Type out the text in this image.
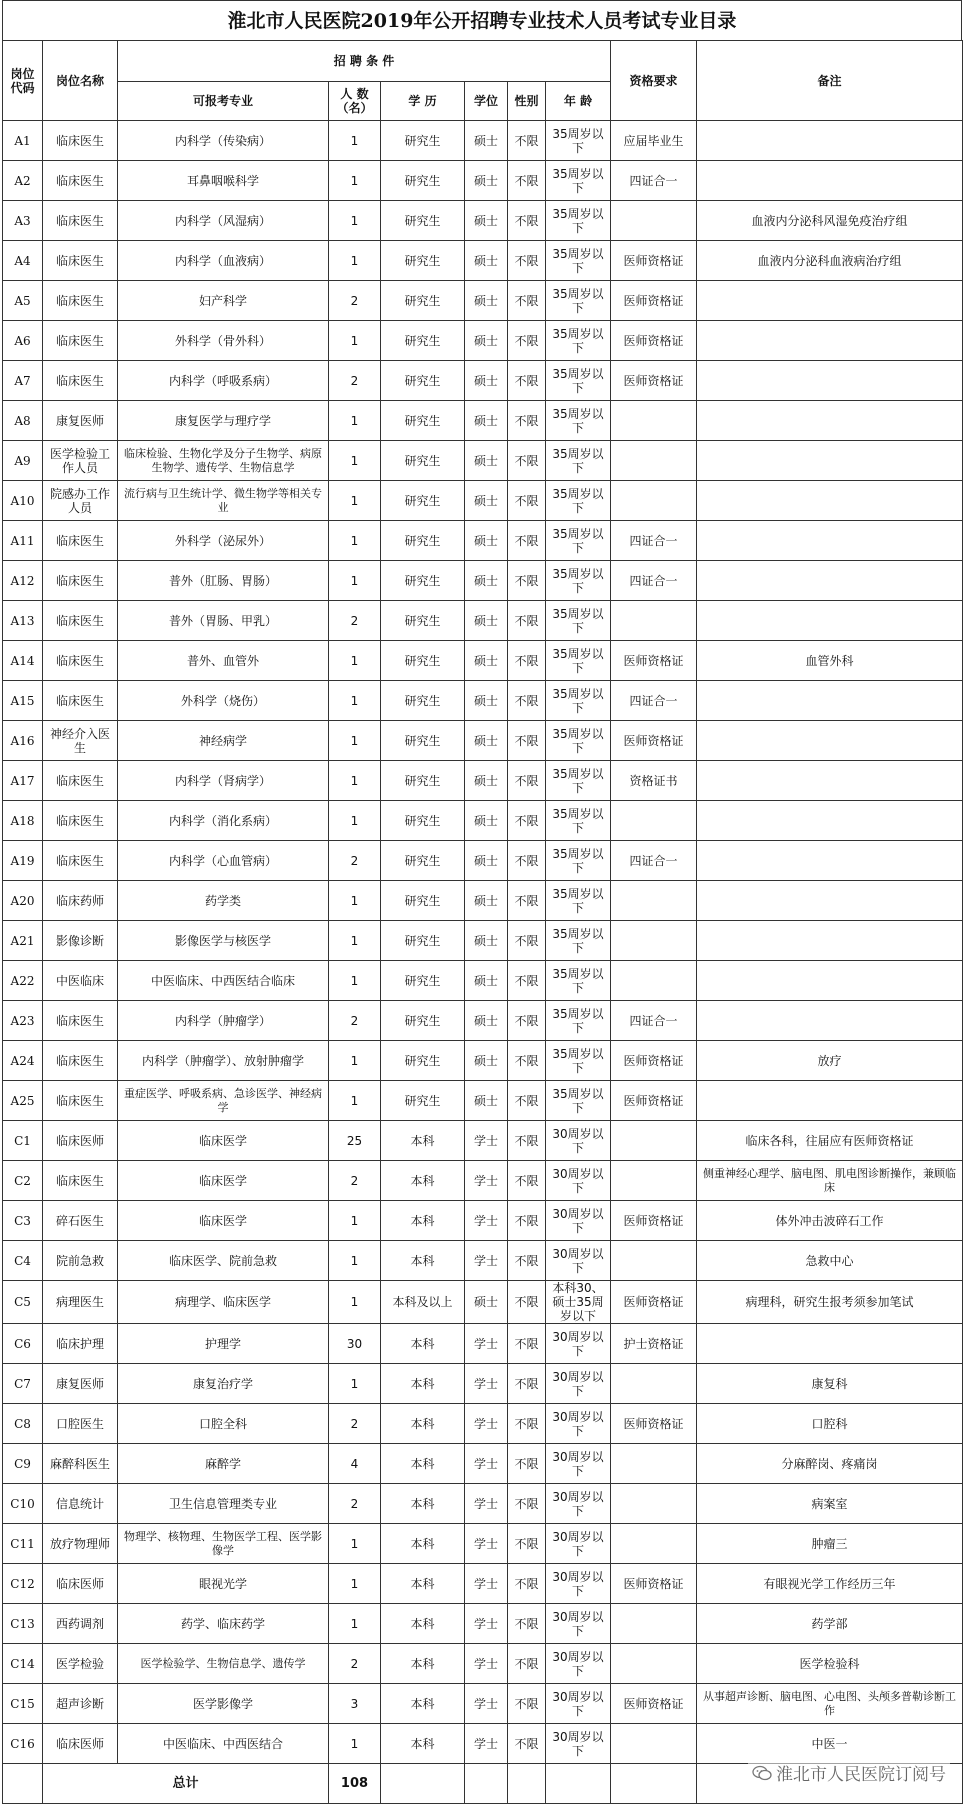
淮北市人民医院2019年公开招聘专业技术人员考试专业目录
岗位代码	岗位名称	招 聘 条 件						资格要求	备注
		可报考专业	人 数（名）	学 历	学位	性别	年 龄		
A1	临床医生	内科学（传染病）	1	研究生	硕士	不限	35周岁以下	应届毕业生	
A2	临床医生	耳鼻咽喉科学	1	研究生	硕士	不限	35周岁以下	四证合一	
A3	临床医生	内科学（风湿病）	1	研究生	硕士	不限	35周岁以下		血液内分泌科风湿免疫治疗组
A4	临床医生	内科学（血液病）	1	研究生	硕士	不限	35周岁以下	医师资格证	血液内分泌科血液病治疗组
A5	临床医生	妇产科学	2	研究生	硕士	不限	35周岁以下	医师资格证	
A6	临床医生	外科学（骨外科）	1	研究生	硕士	不限	35周岁以下	医师资格证	
A7	临床医生	内科学（呼吸系病）	2	研究生	硕士	不限	35周岁以下	医师资格证	
A8	康复医师	康复医学与理疗学	1	研究生	硕士	不限	35周岁以下		
A9	医学检验工作人员	临床检验、生物化学及分子生物学、病原生物学、遗传学、生物信息学	1	研究生	硕士	不限	35周岁以下		
A10	院感办工作人员	流行病与卫生统计学、微生物学等相关专业	1	研究生	硕士	不限	35周岁以下		
A11	临床医生	外科学（泌尿外）	1	研究生	硕士	不限	35周岁以下	四证合一	
A12	临床医生	普外（肛肠、胃肠）	1	研究生	硕士	不限	35周岁以下	四证合一	
A13	临床医生	普外（胃肠、甲乳）	2	研究生	硕士	不限	35周岁以下		
A14	临床医生	普外、血管外	1	研究生	硕士	不限	35周岁以下	医师资格证	血管外科
A15	临床医生	外科学（烧伤）	1	研究生	硕士	不限	35周岁以下	四证合一	
A16	神经介入医生	神经病学	1	研究生	硕士	不限	35周岁以下	医师资格证	
A17	临床医生	内科学（肾病学）	1	研究生	硕士	不限	35周岁以下	资格证书	
A18	临床医生	内科学（消化系病）	1	研究生	硕士	不限	35周岁以下		
A19	临床医生	内科学（心血管病）	2	研究生	硕士	不限	35周岁以下	四证合一	
A20	临床药师	药学类	1	研究生	硕士	不限	35周岁以下		
A21	影像诊断	影像医学与核医学	1	研究生	硕士	不限	35周岁以下		
A22	中医临床	中医临床、中西医结合临床	1	研究生	硕士	不限	35周岁以下		
A23	临床医生	内科学（肿瘤学）	2	研究生	硕士	不限	35周岁以下	四证合一	
A24	临床医生	内科学（肿瘤学）、放射肿瘤学	1	研究生	硕士	不限	35周岁以下	医师资格证	放疗
A25	临床医生	重症医学、呼吸系病、急诊医学、神经病学	1	研究生	硕士	不限	35周岁以下	医师资格证	
C1	临床医师	临床医学	25	本科	学士	不限	30周岁以下		临床各科，往届应有医师资格证
C2	临床医生	临床医学	2	本科	学士	不限	30周岁以下		侧重神经心理学、脑电图、肌电图诊断操作，兼顾临床
C3	碎石医生	临床医学	1	本科	学士	不限	30周岁以下	医师资格证	体外冲击波碎石工作
C4	院前急救	临床医学、院前急救	1	本科	学士	不限	30周岁以下		急救中心
C5	病理医生	病理学、临床医学	1	本科及以上	硕士	不限	本科30、硕士35周岁以下	医师资格证	病理科，研究生报考须参加笔试
C6	临床护理	护理学	30	本科	学士	不限	30周岁以下	护士资格证	
C7	康复医师	康复治疗学	1	本科	学士	不限	30周岁以下		康复科
C8	口腔医生	口腔全科	2	本科	学士	不限	30周岁以下	医师资格证	口腔科
C9	麻醉科医生	麻醉学	4	本科	学士	不限	30周岁以下		分麻醉岗、疼痛岗
C10	信息统计	卫生信息管理类专业	2	本科	学士	不限	30周岁以下		病案室
C11	放疗物理师	物理学、核物理、生物医学工程、医学影像学	1	本科	学士	不限	30周岁以下		肿瘤三
C12	临床医师	眼视光学	1	本科	学士	不限	30周岁以下	医师资格证	有眼视光学工作经历三年
C13	西药调剂	药学、临床药学	1	本科	学士	不限	30周岁以下		药学部
C14	医学检验	医学检验学、生物信息学、遗传学	2	本科	学士	不限	30周岁以下		医学检验科
C15	超声诊断	医学影像学	3	本科	学士	不限	30周岁以下	医师资格证	从事超声诊断、脑电图、心电图、头颅多普勒诊断工作
C16	临床医师	中医临床、中西医结合	1	本科	学士	不限	30周岁以下		中医一
	总计		108							淮北市人民医院订阅号
